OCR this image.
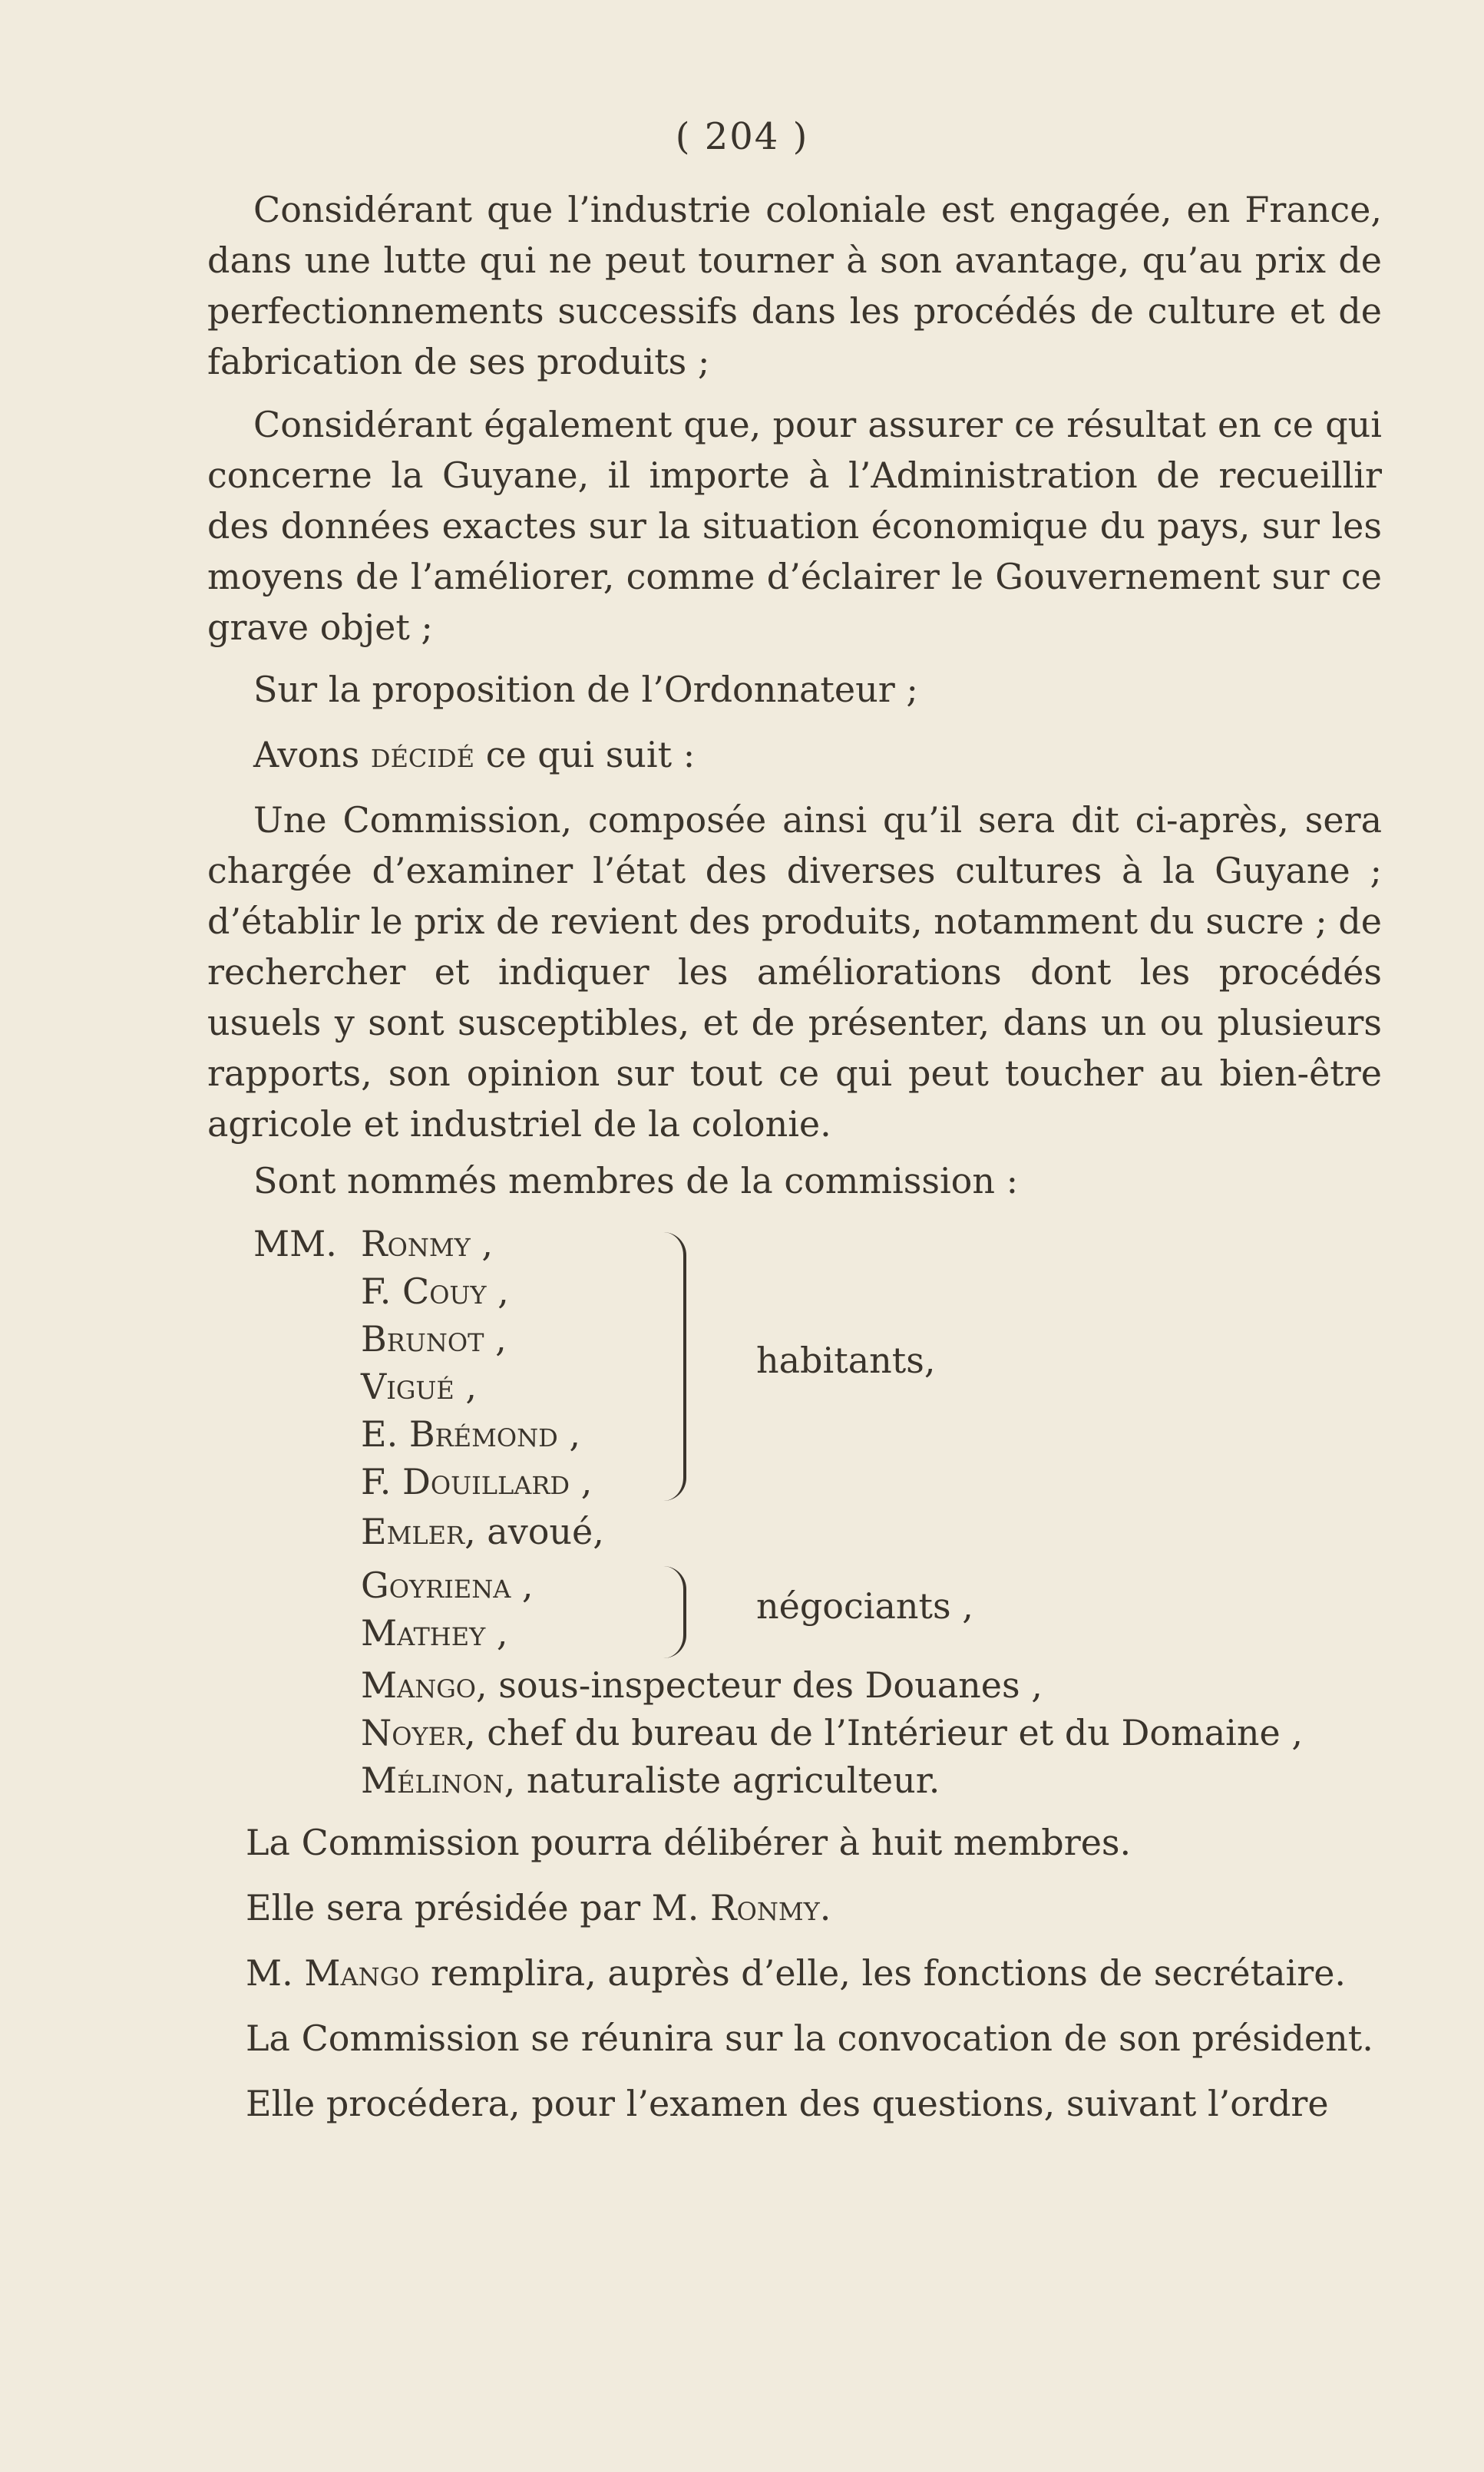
( 204 )

Considérant que l’industrie coloniale est engagée, en France, dans une lutte qui ne peut tourner à son avantage, qu’au prix de perfectionnements successifs dans les procédés de culture et de fabrication de ses produits ;

Considérant également que, pour assurer ce résultat en ce qui concerne la Guyane, il importe à l’Administration de recueillir des données exactes sur la situation économique du pays, sur les moyens de l’améliorer, comme d’éclairer le Gouvernement sur ce grave objet ;

Sur la proposition de l’Ordonnateur ;

Avons décidé ce qui suit :

Une Commission, composée ainsi qu’il sera dit ci-après, sera chargée d’examiner l’état des diverses cultures à la Guyane ; d’établir le prix de revient des produits, notamment du sucre ; de rechercher et indiquer les améliorations dont les procédés usuels y sont susceptibles, et de présenter, dans un ou plusieurs rapports, son opinion sur tout ce qui peut toucher au bien-être agricole et industriel de la colonie.

Sont nommés membres de la commission :

MM. Ronmy ,
F. Couy ,
Brunot ,
Vigué ,
E. Brémond ,
F. Douillard ,
habitants,
Emler, avoué,
Goyriena ,
Mathey ,
négociants ,
Mango, sous-inspecteur des Douanes ,
Noyer, chef du bureau de l’Intérieur et du Domaine ,
Mélinon, naturaliste agriculteur.
La Commission pourra délibérer à huit membres.
Elle sera présidée par M. Ronmy.
M. Mango remplira, auprès d’elle, les fonctions de secrétaire.
La Commission se réunira sur la convocation de son président.
Elle procédera, pour l’examen des questions, suivant l’ordre
